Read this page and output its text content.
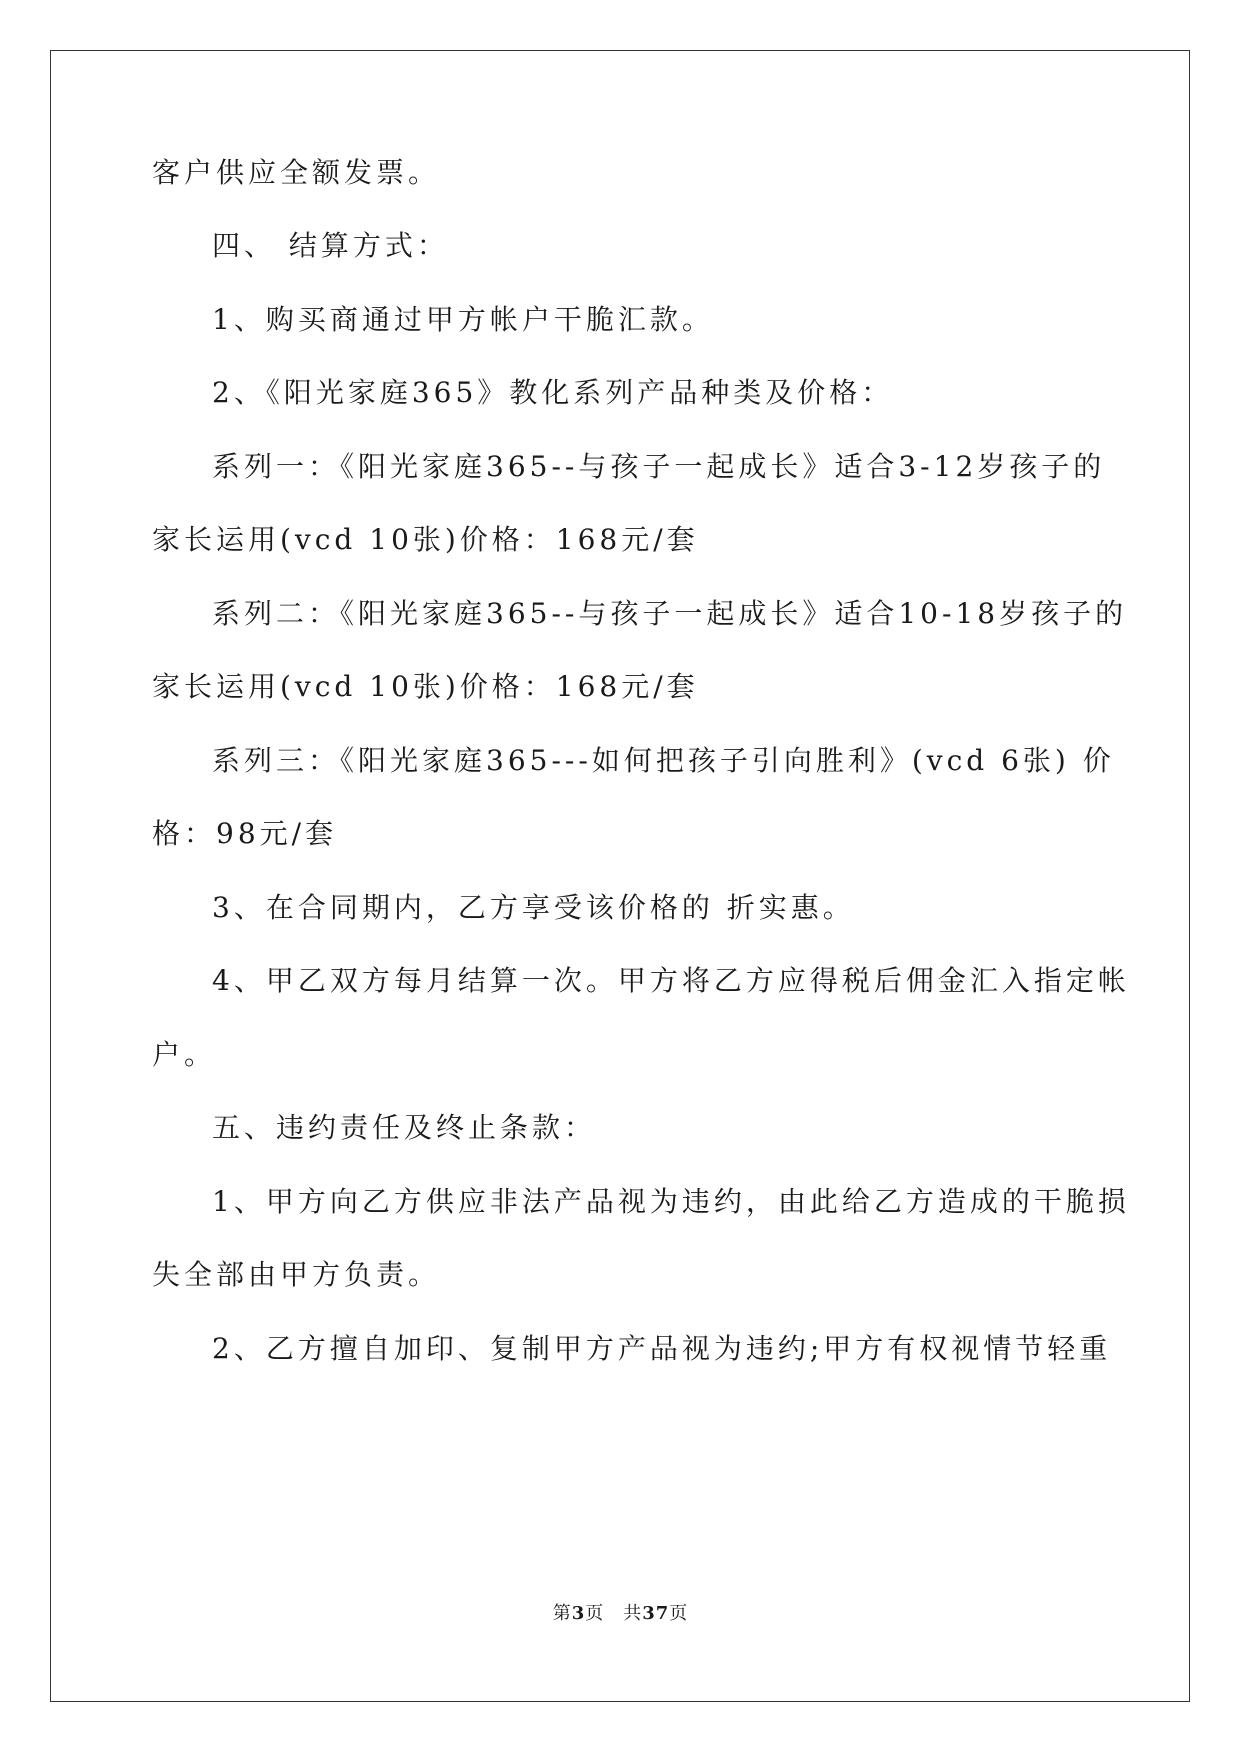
客户供应全额发票。
四、 结算方式：
1、购买商通过甲方帐户干脆汇款。
2、《阳光家庭365》教化系列产品种类及价格：
系列一：《阳光家庭365--与孩子一起成长》适合3-12岁孩子的
家长运用(vcd 10张)价格：168元/套
系列二：《阳光家庭365--与孩子一起成长》适合10-18岁孩子的
家长运用(vcd 10张)价格：168元/套
系列三：《阳光家庭365---如何把孩子引向胜利》(vcd 6张) 价
格：98元/套
3、在合同期内，乙方享受该价格的 折实惠。
4、甲乙双方每月结算一次。甲方将乙方应得税后佣金汇入指定帐
户。
五、违约责任及终止条款：
1、甲方向乙方供应非法产品视为违约，由此给乙方造成的干脆损
失全部由甲方负责。
2、乙方擅自加印、复制甲方产品视为违约;甲方有权视情节轻重
第3页　共37页
